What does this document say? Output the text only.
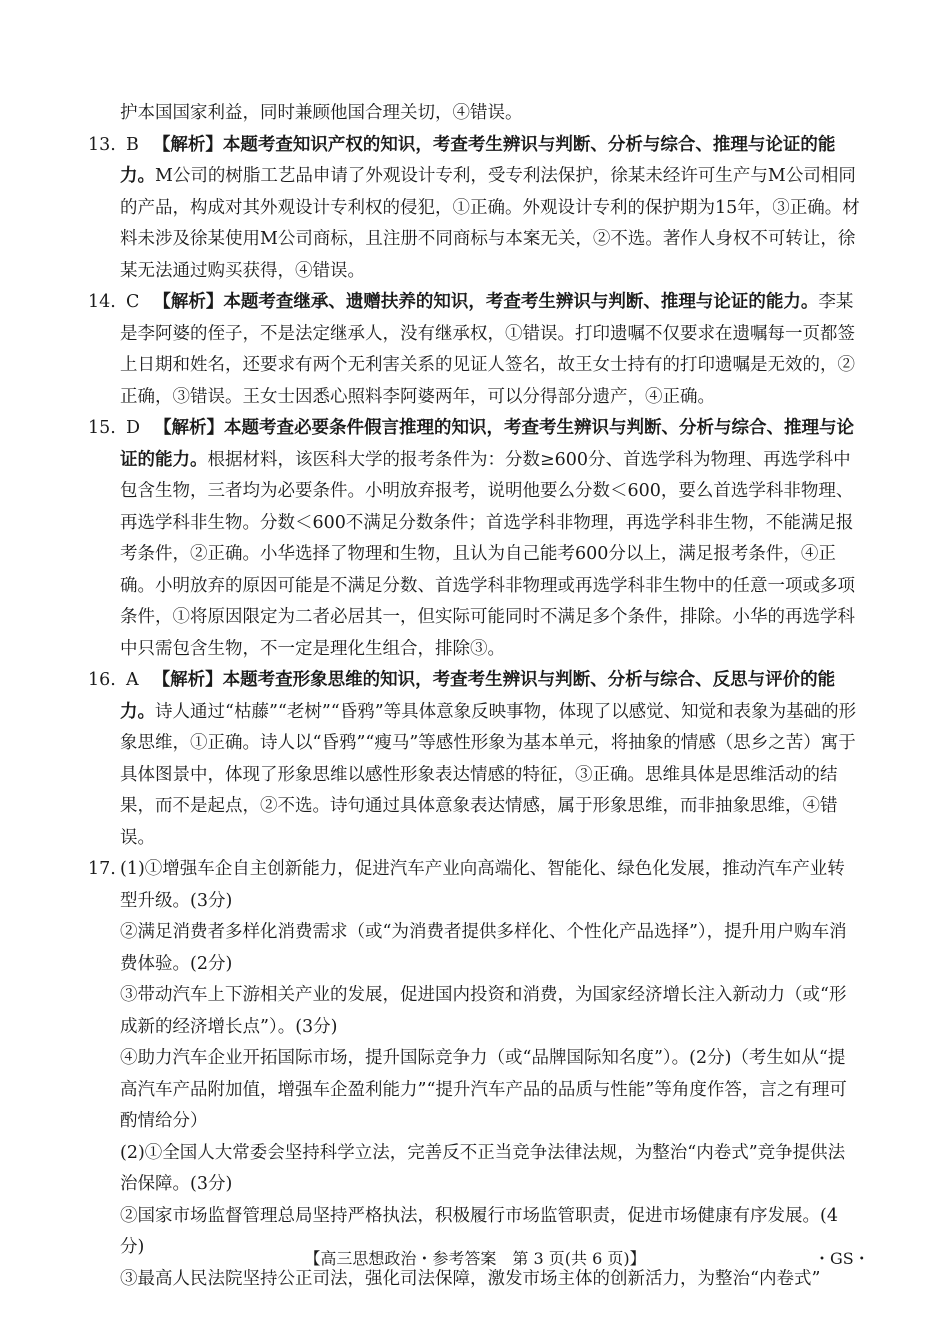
护本国国家利益，同时兼顾他国合理关切，④错误。

13. B 【解析】本题考查知识产权的知识，考查考生辨识与判断、分析与综合、推理与论证的能力。M公司的树脂工艺品申请了外观设计专利，受专利法保护，徐某未经许可生产与M公司相同的产品，构成对其外观设计专利权的侵犯，①正确。外观设计专利的保护期为15年，③正确。材料未涉及徐某使用M公司商标，且注册不同商标与本案无关，②不选。著作人身权不可转让，徐某无法通过购买获得，④错误。
14. C 【解析】本题考查继承、遗赠扶养的知识，考查考生辨识与判断、推理与论证的能力。李某是李阿婆的侄子，不是法定继承人，没有继承权，①错误。打印遗嘱不仅要求在遗嘱每一页都签上日期和姓名，还要求有两个无利害关系的见证人签名，故王女士持有的打印遗嘱是无效的，②正确，③错误。王女士因悉心照料李阿婆两年，可以分得部分遗产，④正确。
15. D 【解析】本题考查必要条件假言推理的知识，考查考生辨识与判断、分析与综合、推理与论证的能力。根据材料，该医科大学的报考条件为：分数≥600分、首选学科为物理、再选学科中包含生物，三者均为必要条件。小明放弃报考，说明他要么分数＜600，要么首选学科非物理、再选学科非生物。分数＜600不满足分数条件；首选学科非物理，再选学科非生物，不能满足报考条件，②正确。小华选择了物理和生物，且认为自己能考600分以上，满足报考条件，④正确。小明放弃的原因可能是不满足分数、首选学科非物理或再选学科非生物中的任意一项或多项条件，①将原因限定为二者必居其一，但实际可能同时不满足多个条件，排除。小华的再选学科中只需包含生物，不一定是理化生组合，排除③。
16. A 【解析】本题考查形象思维的知识，考查考生辨识与判断、分析与综合、反思与评价的能力。诗人通过“枯藤”“老树”“昏鸦”等具体意象反映事物，体现了以感觉、知觉和表象为基础的形象思维，①正确。诗人以“昏鸦”“瘦马”等感性形象为基本单元，将抽象的情感（思乡之苦）寓于具体图景中，体现了形象思维以感性形象表达情感的特征，③正确。思维具体是思维活动的结果，而不是起点，②不选。诗句通过具体意象表达情感，属于形象思维，而非抽象思维，④错误。
17. (1)①增强车企自主创新能力，促进汽车产业向高端化、智能化、绿色化发展，推动汽车产业转型升级。(3分)

②满足消费者多样化消费需求（或“为消费者提供多样化、个性化产品选择”），提升用户购车消费体验。(2分)

③带动汽车上下游相关产业的发展，促进国内投资和消费，为国家经济增长注入新动力（或“形成新的经济增长点”）。(3分)

④助力汽车企业开拓国际市场，提升国际竞争力（或“品牌国际知名度”）。(2分)（考生如从“提高汽车产品附加值，增强车企盈利能力”“提升汽车产品的品质与性能”等角度作答，言之有理可酌情给分）

(2)①全国人大常委会坚持科学立法，完善反不正当竞争法律法规，为整治“内卷式”竞争提供法治保障。(3分)

②国家市场监督管理总局坚持严格执法，积极履行市场监管职责，促进市场健康有序发展。(4分)

③最高人民法院坚持公正司法，强化司法保障，激发市场主体的创新活力，为整治“内卷式”

【高三思想政治・参考答案　第 3 页(共 6 页)】	・GS・
